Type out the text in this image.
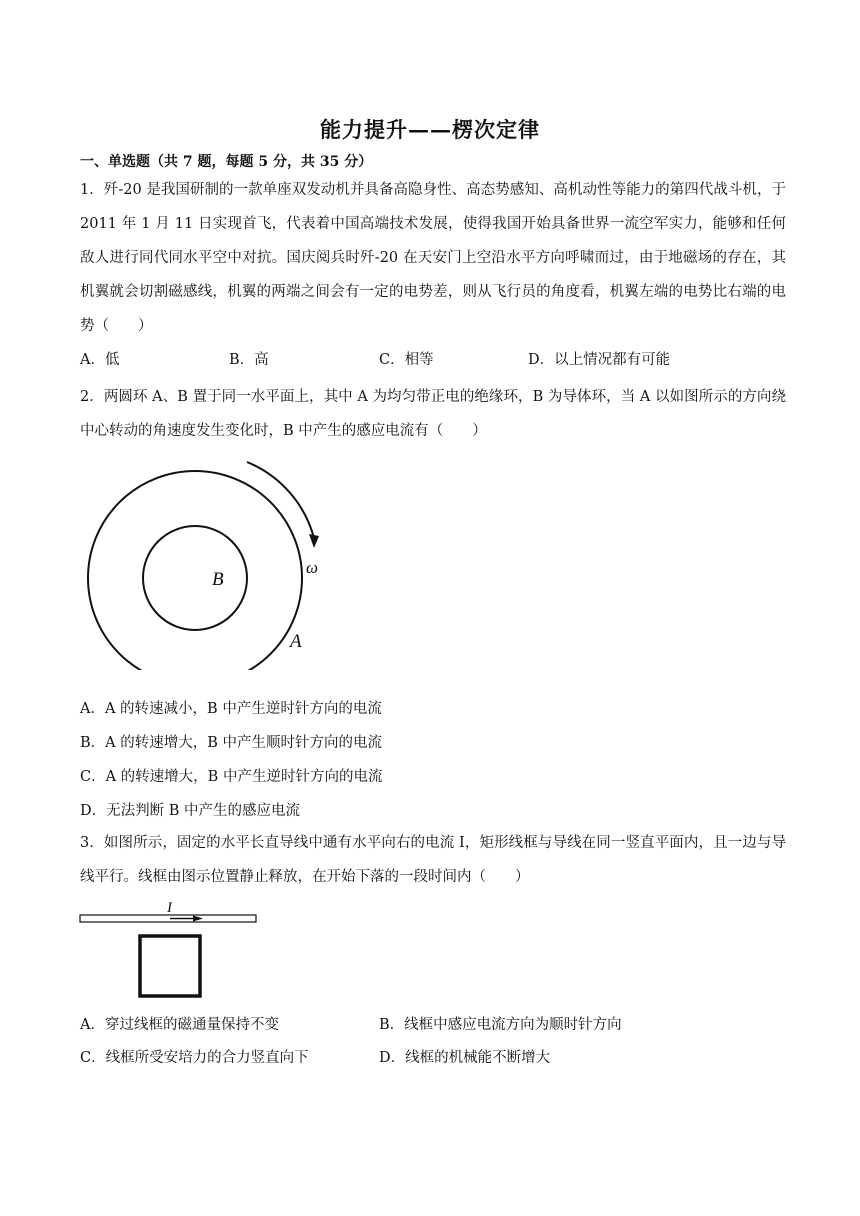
能力提升——楞次定律
一、单选题（共 7 题，每题 5 分，共 35 分）
1．歼-20 是我国研制的一款单座双发动机并具备高隐身性、高态势感知、高机动性等能力的第四代战斗机，于 2011 年 1 月 11 日实现首飞，代表着中国高端技术发展，使得我国开始具备世界一流空军实力，能够和任何敌人进行同代同水平空中对抗。国庆阅兵时歼-20 在天安门上空沿水平方向呼啸而过，由于地磁场的存在，其机翼就会切割磁感线，机翼的两端之间会有一定的电势差，则从飞行员的角度看，机翼左端的电势比右端的电势（　　）
A．低	B．高	C．相等	D．以上情况都有可能
2．两圆环 A、B 置于同一水平面上，其中 A 为均匀带正电的绝缘环，B 为导体环，当 A 以如图所示的方向绕中心转动的角速度发生变化时，B 中产生的感应电流有（　　）
B
ω
A
A．A 的转速减小，B 中产生逆时针方向的电流
B．A 的转速增大，B 中产生顺时针方向的电流
C．A 的转速增大，B 中产生逆时针方向的电流
D．无法判断 B 中产生的感应电流
3．如图所示，固定的水平长直导线中通有水平向右的电流 I，矩形线框与导线在同一竖直平面内，且一边与导线平行。线框由图示位置静止释放，在开始下落的一段时间内（　　）
I
A．穿过线框的磁通量保持不变	B．线框中感应电流方向为顺时针方向
C．线框所受安培力的合力竖直向下	D．线框的机械能不断增大
